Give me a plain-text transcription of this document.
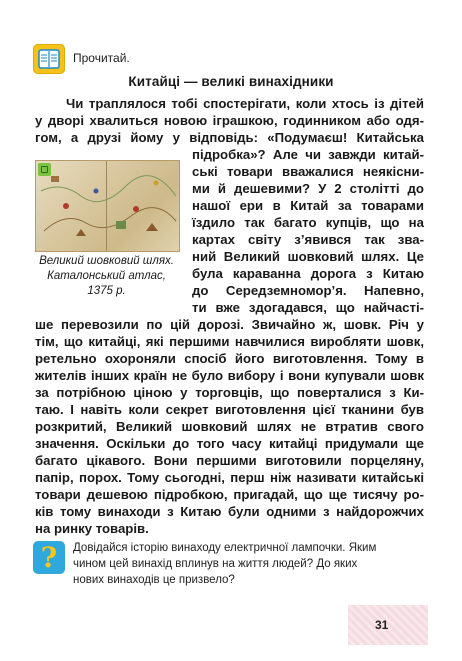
Прочитай.
Китайці — великі винахідники
Чи траплялося тобі спостерігати, коли хтось із дітей
у дворі хвалиться новою іграшкою, годинником або одя-
гом, а друзі йому у відповідь: «Подумаєш! Китайська
підробка»? Але чи завжди китай-
ські товари вважалися неякісни-
ми й дешевими? У 2 столітті до
нашої ери в Китай за товарами
їздило так багато купців, що на
картах світу з’явився так зва-
ний Великий шовковий шлях. Це
була караванна дорога з Китаю
до Середземномор’я. Напевно,
ти вже здогадався, що найчасті-
ше перевозили по цій дорозі. Звичайно ж, шовк. Річ у
тім, що китайці, які першими навчилися виробляти шовк,
ретельно охороняли спосіб його виготовлення. Тому в
жителів інших країн не було вибору і вони купували шовк
за потрібною ціною у торговців, що поверталися з Ки-
таю. І навіть коли секрет виготовлення цієї тканини був
розкритий, Великий шовковий шлях не втратив свого
значення. Оскільки до того часу китайці придумали ще
багато цікавого. Вони першими виготовили порцеляну,
папір, порох. Тому сьогодні, перш ніж називати китайські
товари дешевою підробкою, пригадай, що ще тисячу ро-
ків тому винаходи з Китаю були одними з найдорожчих
на ринку товарів.
Великий шовковий шлях.
Каталонський атлас,
1375 р.
?	Довідайся історію винаходу електричної лампочки. Яким
чином цей винахід вплинув на життя людей? До яких
нових винаходів це призвело?
31
